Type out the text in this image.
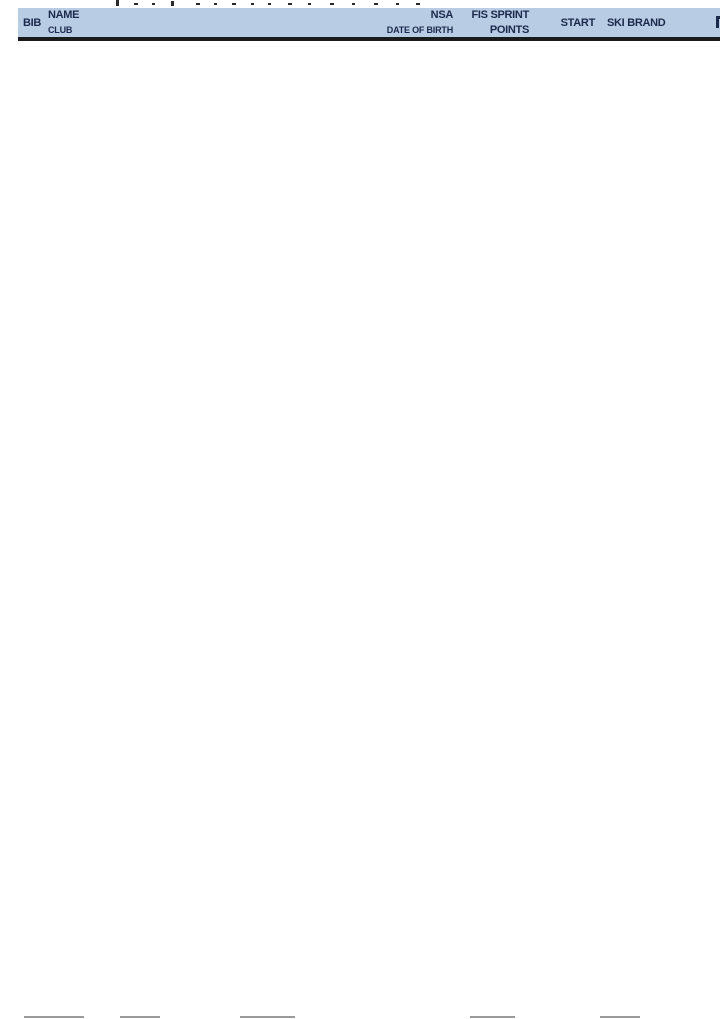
BIB
NAME
CLUB
NSA
DATE OF BIRTH
FIS SPRINT
POINTS
START SKI BRAND
